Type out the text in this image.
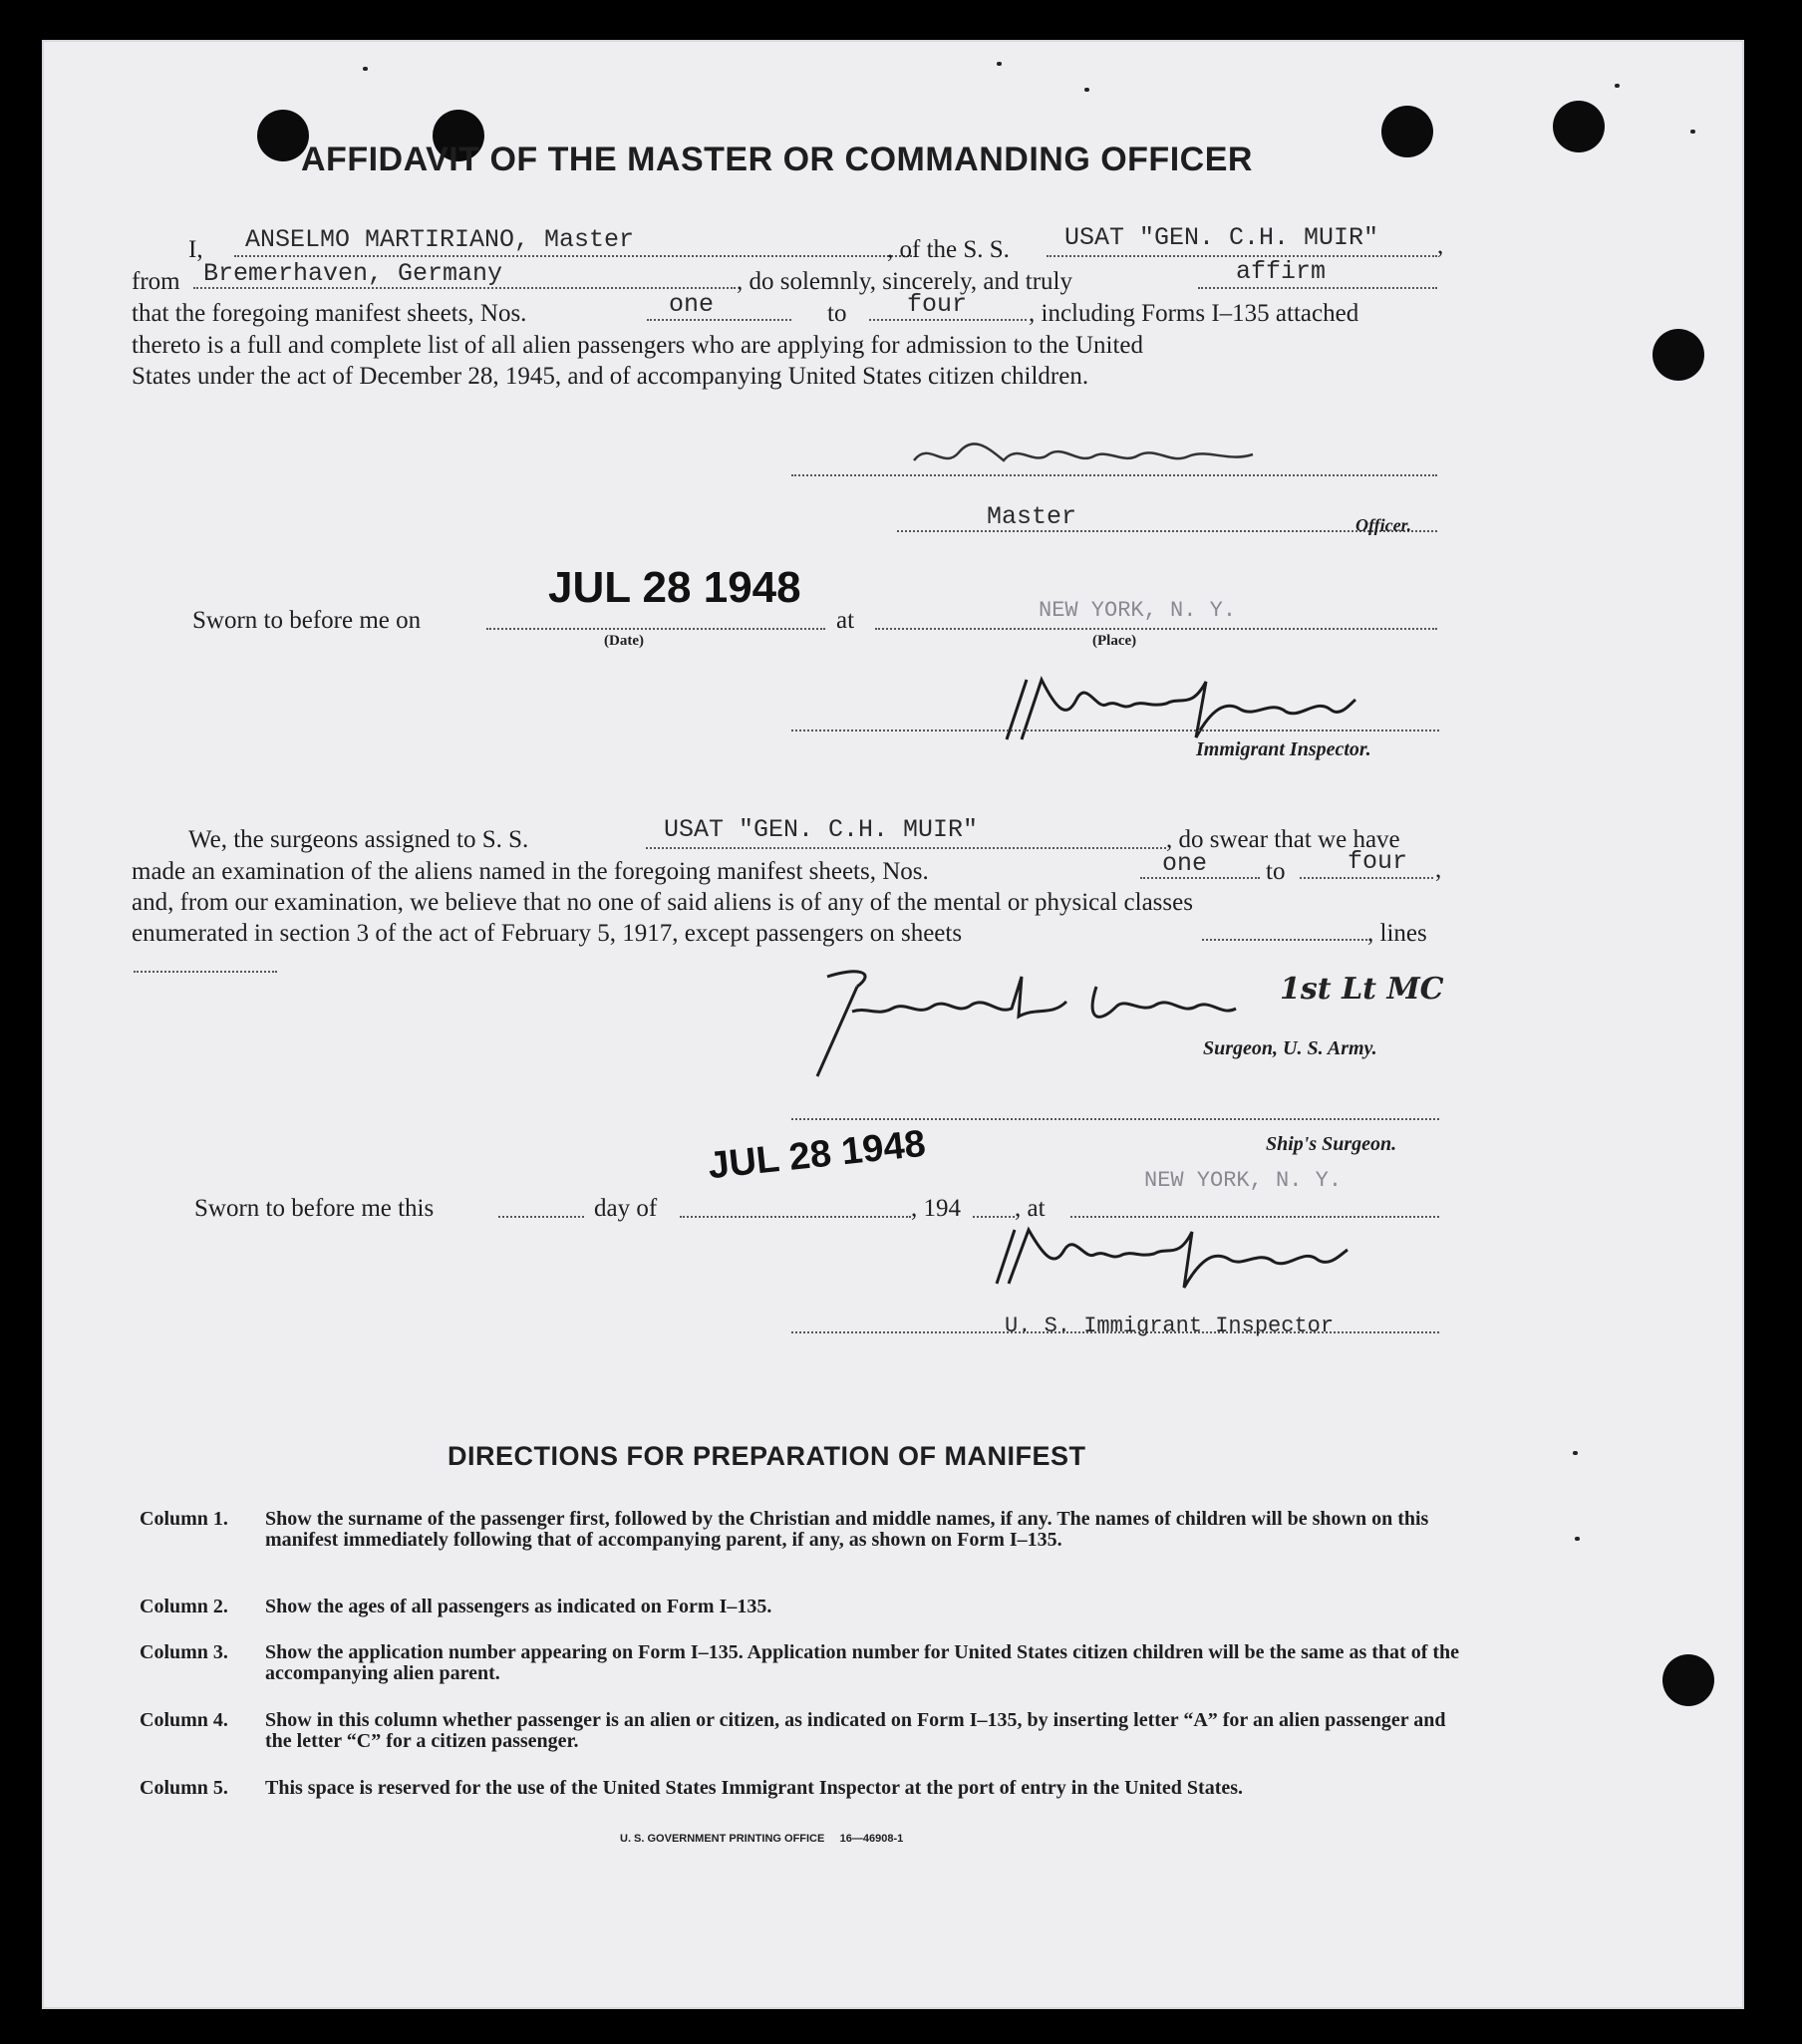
AFFIDAVIT OF THE MASTER OR COMMANDING OFFICER
I, ANSELMO MARTIRIANO, Master	, of the S. S. USAT "GEN. C.H. MUIR" ,
from Bremerhaven, Germany	, do solemnly, sincerely, and truly	affirm
that the foregoing manifest sheets, Nos.	one	to four , including Forms I–135 attached
thereto is a full and complete list of all alien passengers who are applying for admission to the United
States under the act of December 28, 1945, and of accompanying United States citizen children.
Master	Officer.
Sworn to before me on
JUL 28 1948
(Date)
at	NEW YORK, N. Y.
(Place)
Immigrant Inspector.
We, the surgeons assigned to S. S.	USAT "GEN. C.H. MUIR"	, do swear that we have
made an examination of the aliens named in the foregoing manifest sheets, Nos.	one to	four ,
and, from our examination, we believe that no one of said aliens is of any of the mental or physical classes
enumerated in section 3 of the act of February 5, 1917, except passengers on sheets	, lines
1st Lt MC
Surgeon, U. S. Army.
Ship's Surgeon.
JUL 28 1948	NEW YORK, N. Y.
Sworn to before me this	day of	, 194 , at
U. S. Immigrant Inspector
DIRECTIONS FOR PREPARATION OF MANIFEST
Column 1. Show the surname of the passenger first, followed by the Christian and middle names, if any. The names of children will be shown on this manifest immediately following that of accompanying parent, if any, as shown on Form I–135.
Column 2. Show the ages of all passengers as indicated on Form I–135.
Column 3. Show the application number appearing on Form I–135. Application number for United States citizen children will be the same as that of the accompanying alien parent.
Column 4. Show in this column whether passenger is an alien or citizen, as indicated on Form I–135, by inserting letter “A” for an alien passenger and the letter “C” for a citizen passenger.
Column 5. This space is reserved for the use of the United States Immigrant Inspector at the port of entry in the United States.
U. S. GOVERNMENT PRINTING OFFICE     16—46908-1
